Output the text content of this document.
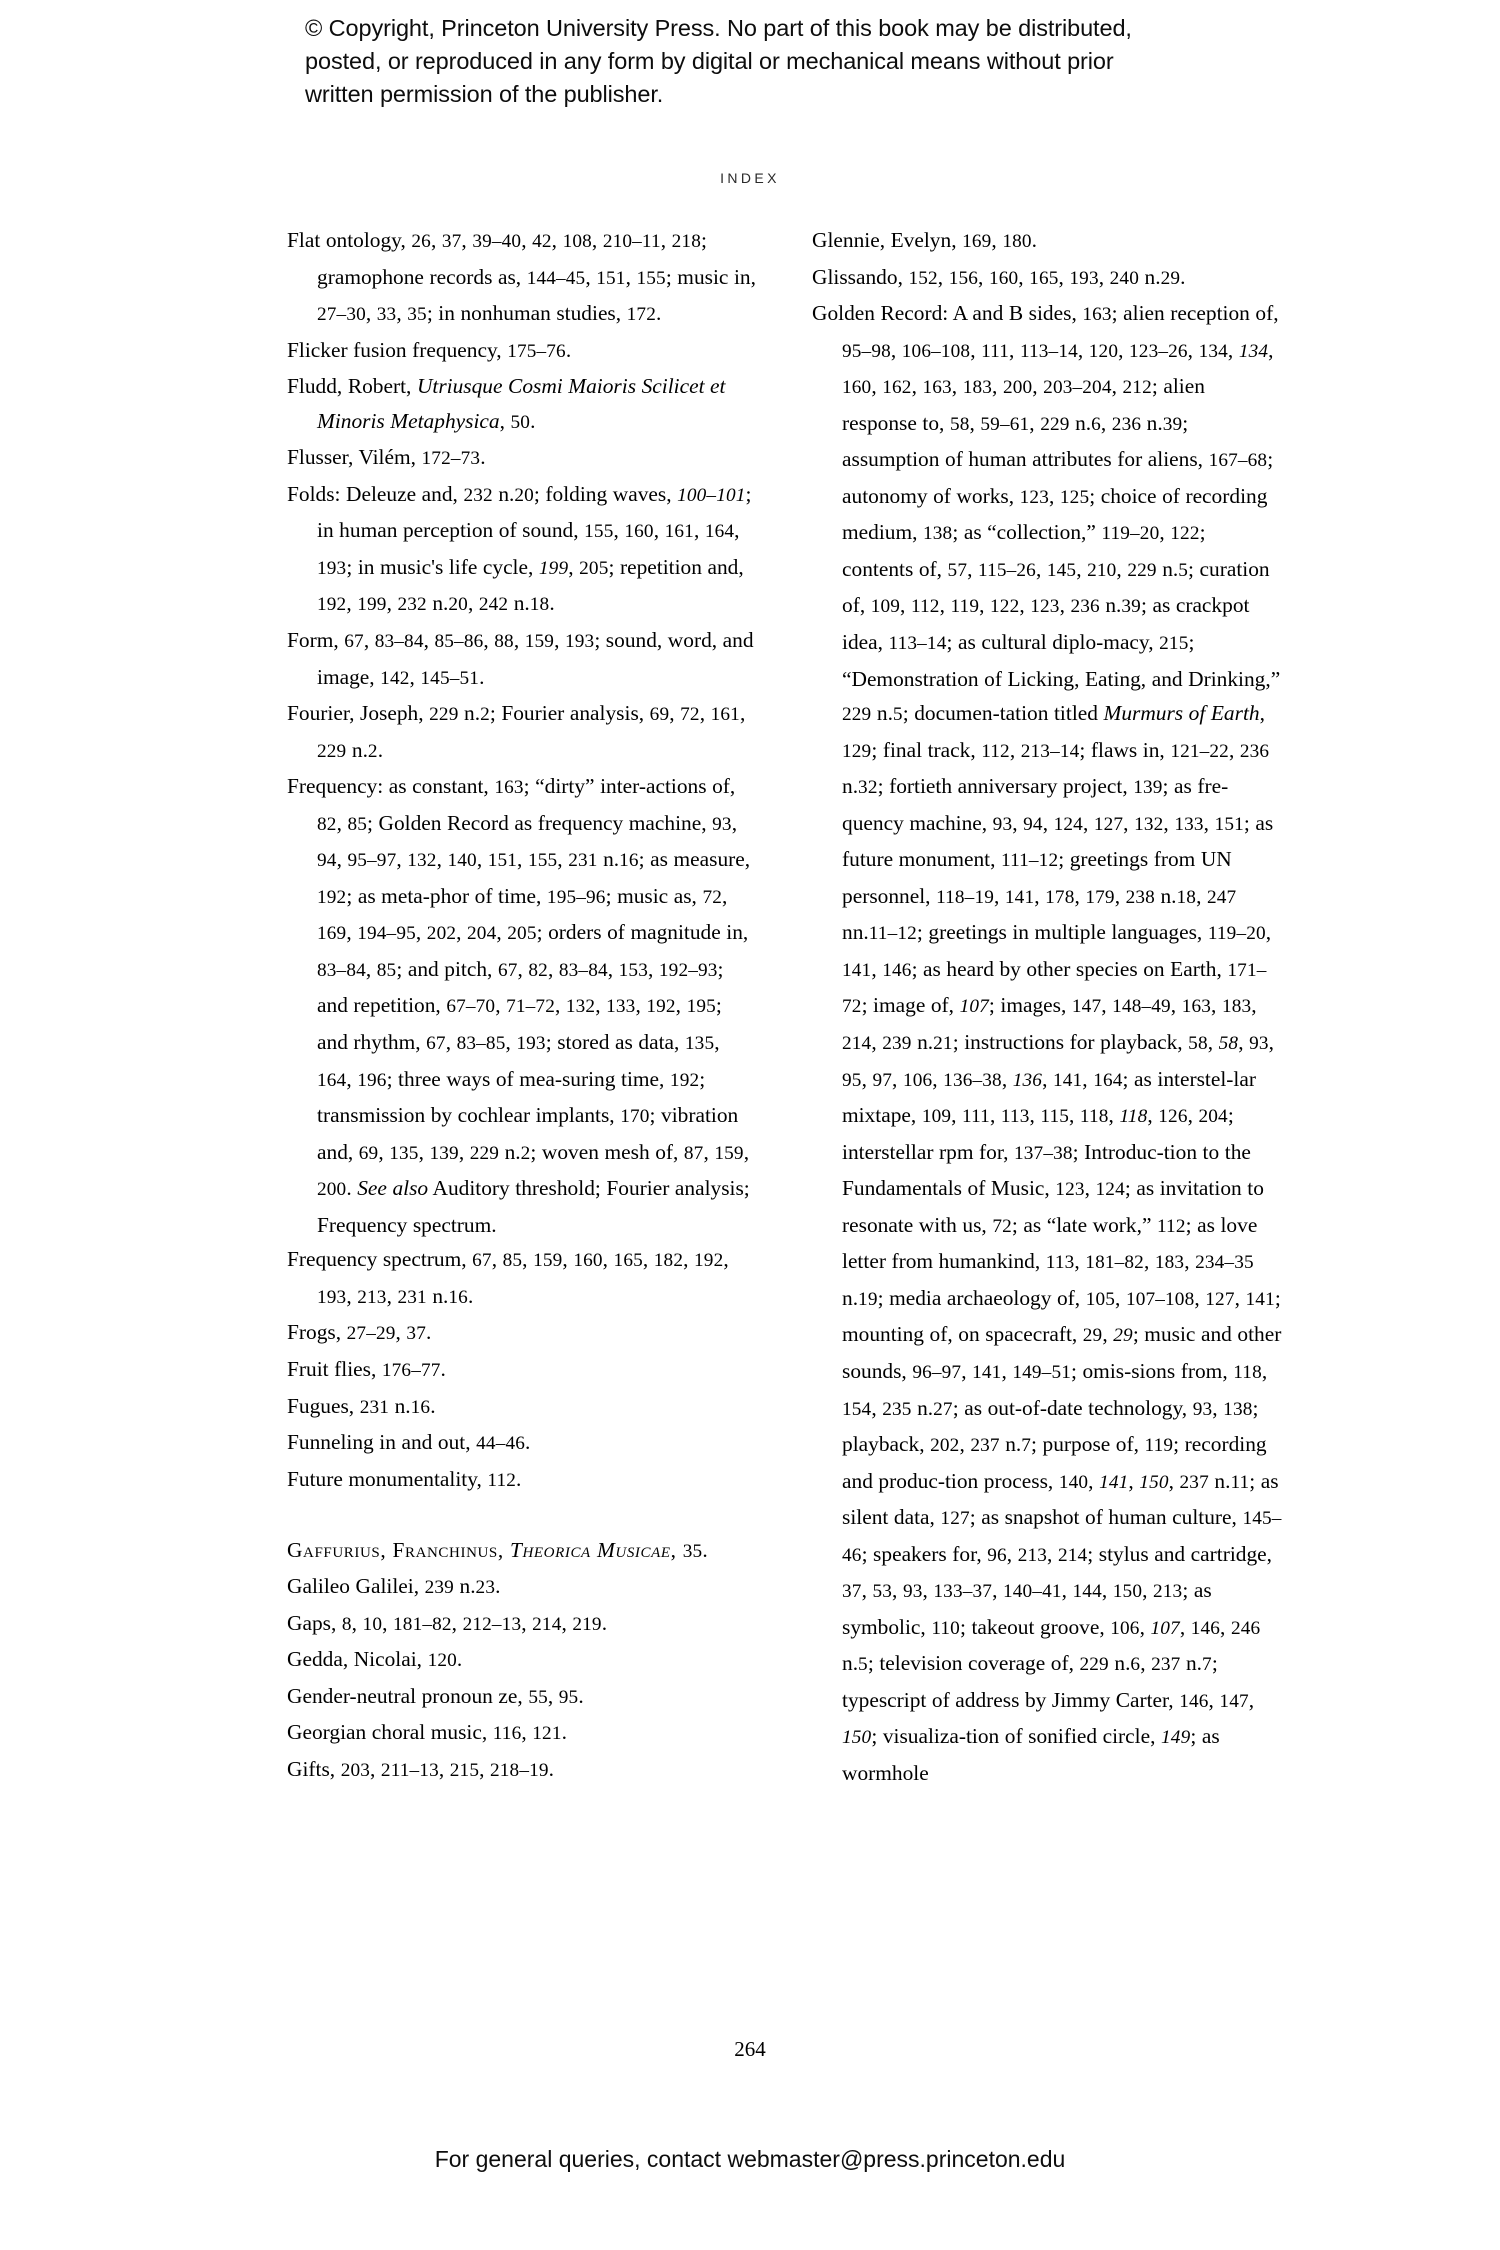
© Copyright, Princeton University Press. No part of this book may be distributed, posted, or reproduced in any form by digital or mechanical means without prior written permission of the publisher.
INDEX

Flat ontology, 26, 37, 39–40, 42, 108, 210–11, 218; gramophone records as, 144–45, 151, 155; music in, 27–30, 33, 35; in nonhuman studies, 172.

Flicker fusion frequency, 175–76.

Fludd, Robert, Utriusque Cosmi Maioris Scilicet et Minoris Metaphysica, 50.

Flusser, Vilém, 172–73.

Folds: Deleuze and, 232 n.20; folding waves, 100–101; in human perception of sound, 155, 160, 161, 164, 193; in music's life cycle, 199, 205; repetition and, 192, 199, 232 n.20, 242 n.18.

Form, 67, 83–84, 85–86, 88, 159, 193; sound, word, and image, 142, 145–51.

Fourier, Joseph, 229 n.2; Fourier analysis, 69, 72, 161, 229 n.2.

Frequency: as constant, 163; “dirty” inter-actions of, 82, 85; Golden Record as frequency machine, 93, 94, 95–97, 132, 140, 151, 155, 231 n.16; as measure, 192; as meta-phor of time, 195–96; music as, 72, 169, 194–95, 202, 204, 205; orders of magnitude in, 83–84, 85; and pitch, 67, 82, 83–84, 153, 192–93; and repetition, 67–70, 71–72, 132, 133, 192, 195; and rhythm, 67, 83–85, 193; stored as data, 135, 164, 196; three ways of mea-suring time, 192; transmission by cochlear implants, 170; vibration and, 69, 135, 139, 229 n.2; woven mesh of, 87, 159, 200. See also Auditory threshold; Fourier analysis; Frequency spectrum.

Frequency spectrum, 67, 85, 159, 160, 165, 182, 192, 193, 213, 231 n.16.

Frogs, 27–29, 37.

Fruit flies, 176–77.

Fugues, 231 n.16.

Funneling in and out, 44–46.

Future monumentality, 112.

Gaffurius, Franchinus, Theorica Musicae, 35.

Galileo Galilei, 239 n.23.

Gaps, 8, 10, 181–82, 212–13, 214, 219.

Gedda, Nicolai, 120.

Gender-neutral pronoun ze, 55, 95.

Georgian choral music, 116, 121.

Gifts, 203, 211–13, 215, 218–19.

Glennie, Evelyn, 169, 180.

Glissando, 152, 156, 160, 165, 193, 240 n.29.

Golden Record: A and B sides, 163; alien reception of, 95–98, 106–108, 111, 113–14, 120, 123–26, 134, 134, 160, 162, 163, 183, 200, 203–204, 212; alien response to, 58, 59–61, 229 n.6, 236 n.39; assumption of human attributes for aliens, 167–68; autonomy of works, 123, 125; choice of recording medium, 138; as “collection,” 119–20, 122; contents of, 57, 115–26, 145, 210, 229 n.5; curation of, 109, 112, 119, 122, 123, 236 n.39; as crackpot idea, 113–14; as cultural diplo-macy, 215; “Demonstration of Licking, Eating, and Drinking,” 229 n.5; documen-tation titled Murmurs of Earth, 129; final track, 112, 213–14; flaws in, 121–22, 236 n.32; fortieth anniversary project, 139; as fre-quency machine, 93, 94, 124, 127, 132, 133, 151; as future monument, 111–12; greetings from UN personnel, 118–19, 141, 178, 179, 238 n.18, 247 nn.11–12; greetings in multiple languages, 119–20, 141, 146; as heard by other species on Earth, 171–72; image of, 107; images, 147, 148–49, 163, 183, 214, 239 n.21; instructions for playback, 58, 58, 93, 95, 97, 106, 136–38, 136, 141, 164; as interstel-lar mixtape, 109, 111, 113, 115, 118, 118, 126, 204; interstellar rpm for, 137–38; Introduc-tion to the Fundamentals of Music, 123, 124; as invitation to resonate with us, 72; as “late work,” 112; as love letter from humankind, 113, 181–82, 183, 234–35 n.19; media archaeology of, 105, 107–108, 127, 141; mounting of, on spacecraft, 29, 29; music and other sounds, 96–97, 141, 149–51; omis-sions from, 118, 154, 235 n.27; as out-of-date technology, 93, 138; playback, 202, 237 n.7; purpose of, 119; recording and produc-tion process, 140, 141, 150, 237 n.11; as silent data, 127; as snapshot of human culture, 145–46; speakers for, 96, 213, 214; stylus and cartridge, 37, 53, 93, 133–37, 140–41, 144, 150, 213; as symbolic, 110; takeout groove, 106, 107, 146, 246 n.5; television coverage of, 229 n.6, 237 n.7; typescript of address by Jimmy Carter, 146, 147, 150; visualiza-tion of sonified circle, 149; as wormhole

264
For general queries, contact webmaster@press.princeton.edu
